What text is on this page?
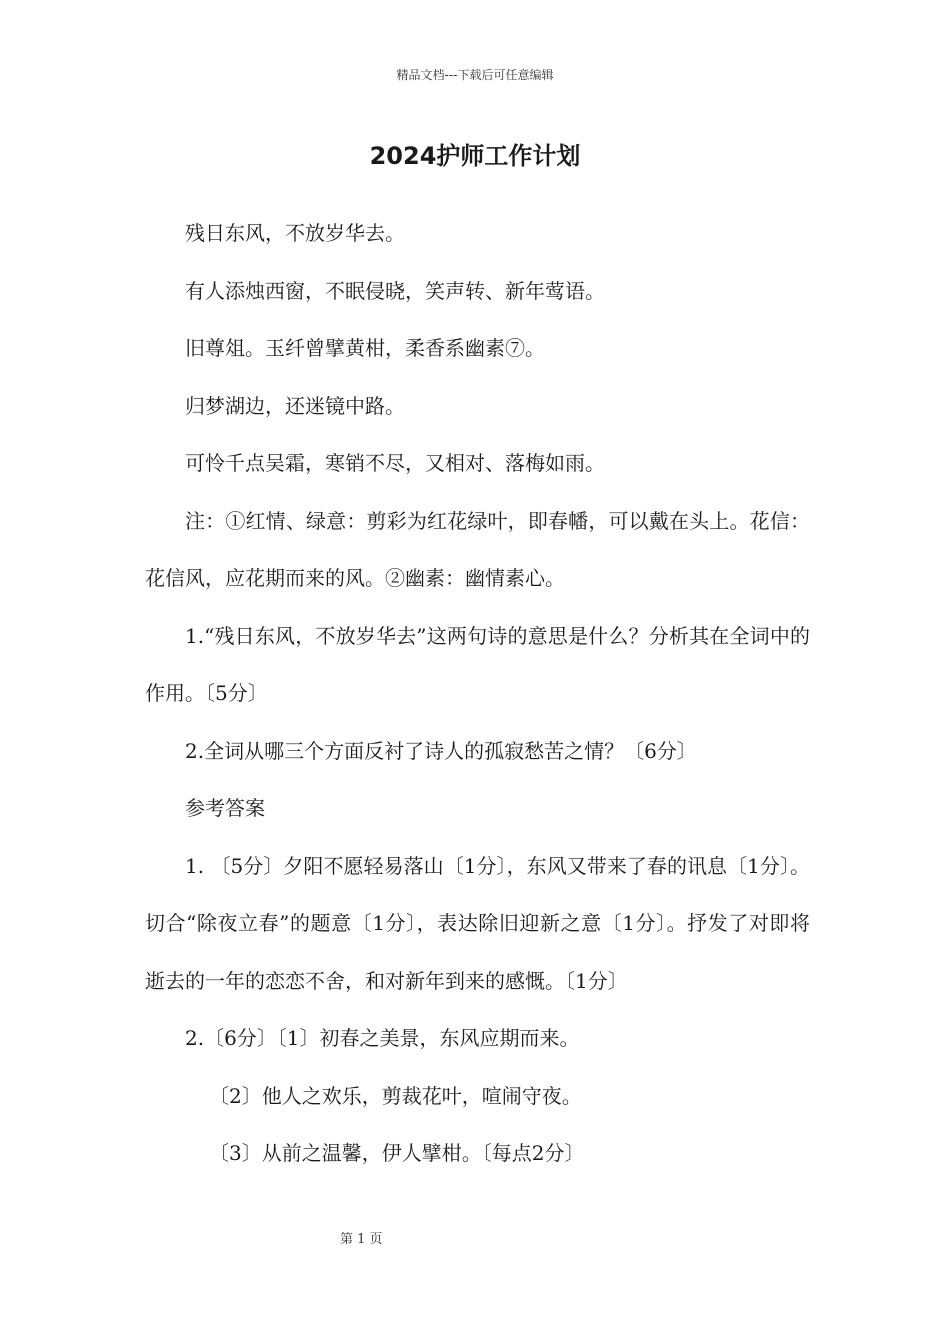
精品文档---下载后可任意编辑
2024护师工作计划

残日东风，不放岁华去。

有人添烛西窗，不眠侵晓，笑声转、新年莺语。

旧尊俎。玉纤曾擘黄柑，柔香系幽素⑦。

归梦湖边，还迷镜中路。

可怜千点吴霜，寒销不尽，又相对、落梅如雨。

注：①红情、绿意：剪彩为红花绿叶，即春幡，可以戴在头上。花信：花信风，应花期而来的风。②幽素：幽情素心。

1.“残日东风，不放岁华去”这两句诗的意思是什么？分析其在全词中的作用。〔5分〕

2.全词从哪三个方面反衬了诗人的孤寂愁苦之情？〔6分〕

参考答案

1. 〔5分〕夕阳不愿轻易落山〔1分〕，东风又带来了春的讯息〔1分〕。切合“除夜立春”的题意〔1分〕，表达除旧迎新之意〔1分〕。抒发了对即将逝去的一年的恋恋不舍，和对新年到来的感慨。〔1分〕

2.〔6分〕〔1〕初春之美景，东风应期而来。

〔2〕他人之欢乐，剪裁花叶，喧闹守夜。

〔3〕从前之温馨，伊人擘柑。〔每点2分〕

第 1 页
